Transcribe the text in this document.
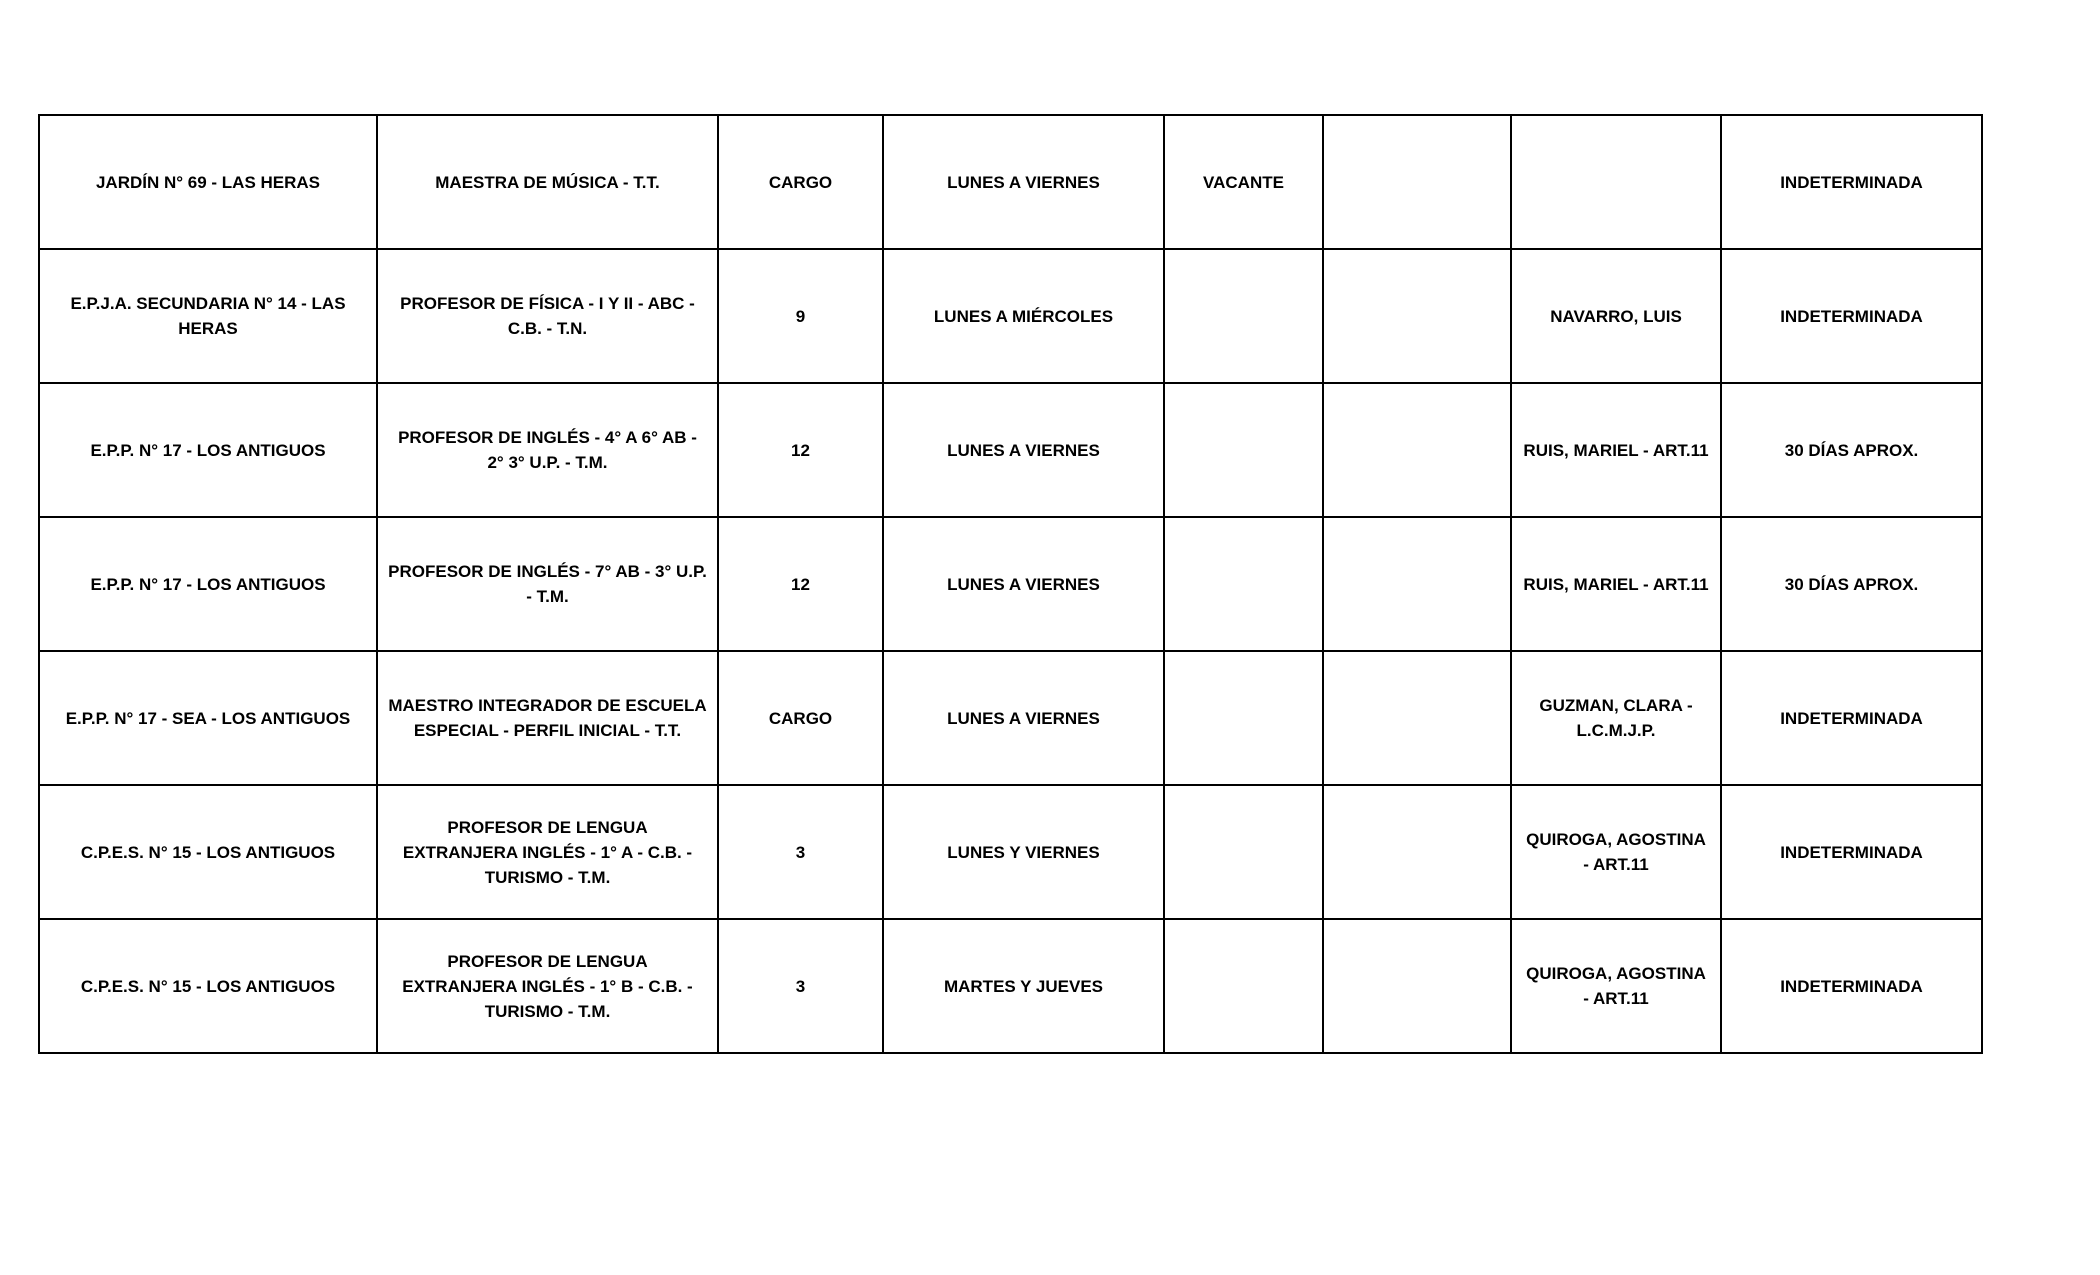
JARDÍN N° 69 - LAS HERAS	MAESTRA DE MÚSICA - T.T.	CARGO	LUNES A VIERNES	VACANTE			INDETERMINADA
E.P.J.A. SECUNDARIA N° 14 - LAS HERAS	PROFESOR DE FÍSICA - I Y II - ABC - C.B. - T.N.	9	LUNES A MIÉRCOLES			NAVARRO, LUIS	INDETERMINADA
E.P.P. N° 17 - LOS ANTIGUOS	PROFESOR DE INGLÉS - 4° A 6° AB - 2° 3° U.P. - T.M.	12	LUNES A VIERNES			RUIS, MARIEL - ART.11	30 DÍAS APROX.
E.P.P. N° 17 - LOS ANTIGUOS	PROFESOR DE INGLÉS - 7° AB - 3° U.P. - T.M.	12	LUNES A VIERNES			RUIS, MARIEL - ART.11	30 DÍAS APROX.
E.P.P. N° 17 - SEA - LOS ANTIGUOS	MAESTRO INTEGRADOR DE ESCUELA ESPECIAL - PERFIL INICIAL - T.T.	CARGO	LUNES A VIERNES			GUZMAN, CLARA - L.C.M.J.P.	INDETERMINADA
C.P.E.S. N° 15 - LOS ANTIGUOS	PROFESOR DE LENGUA EXTRANJERA INGLÉS - 1° A - C.B. - TURISMO - T.M.	3	LUNES Y VIERNES			QUIROGA, AGOSTINA - ART.11	INDETERMINADA
C.P.E.S. N° 15 - LOS ANTIGUOS	PROFESOR DE LENGUA EXTRANJERA INGLÉS - 1° B - C.B. - TURISMO - T.M.	3	MARTES Y JUEVES			QUIROGA, AGOSTINA - ART.11	INDETERMINADA
